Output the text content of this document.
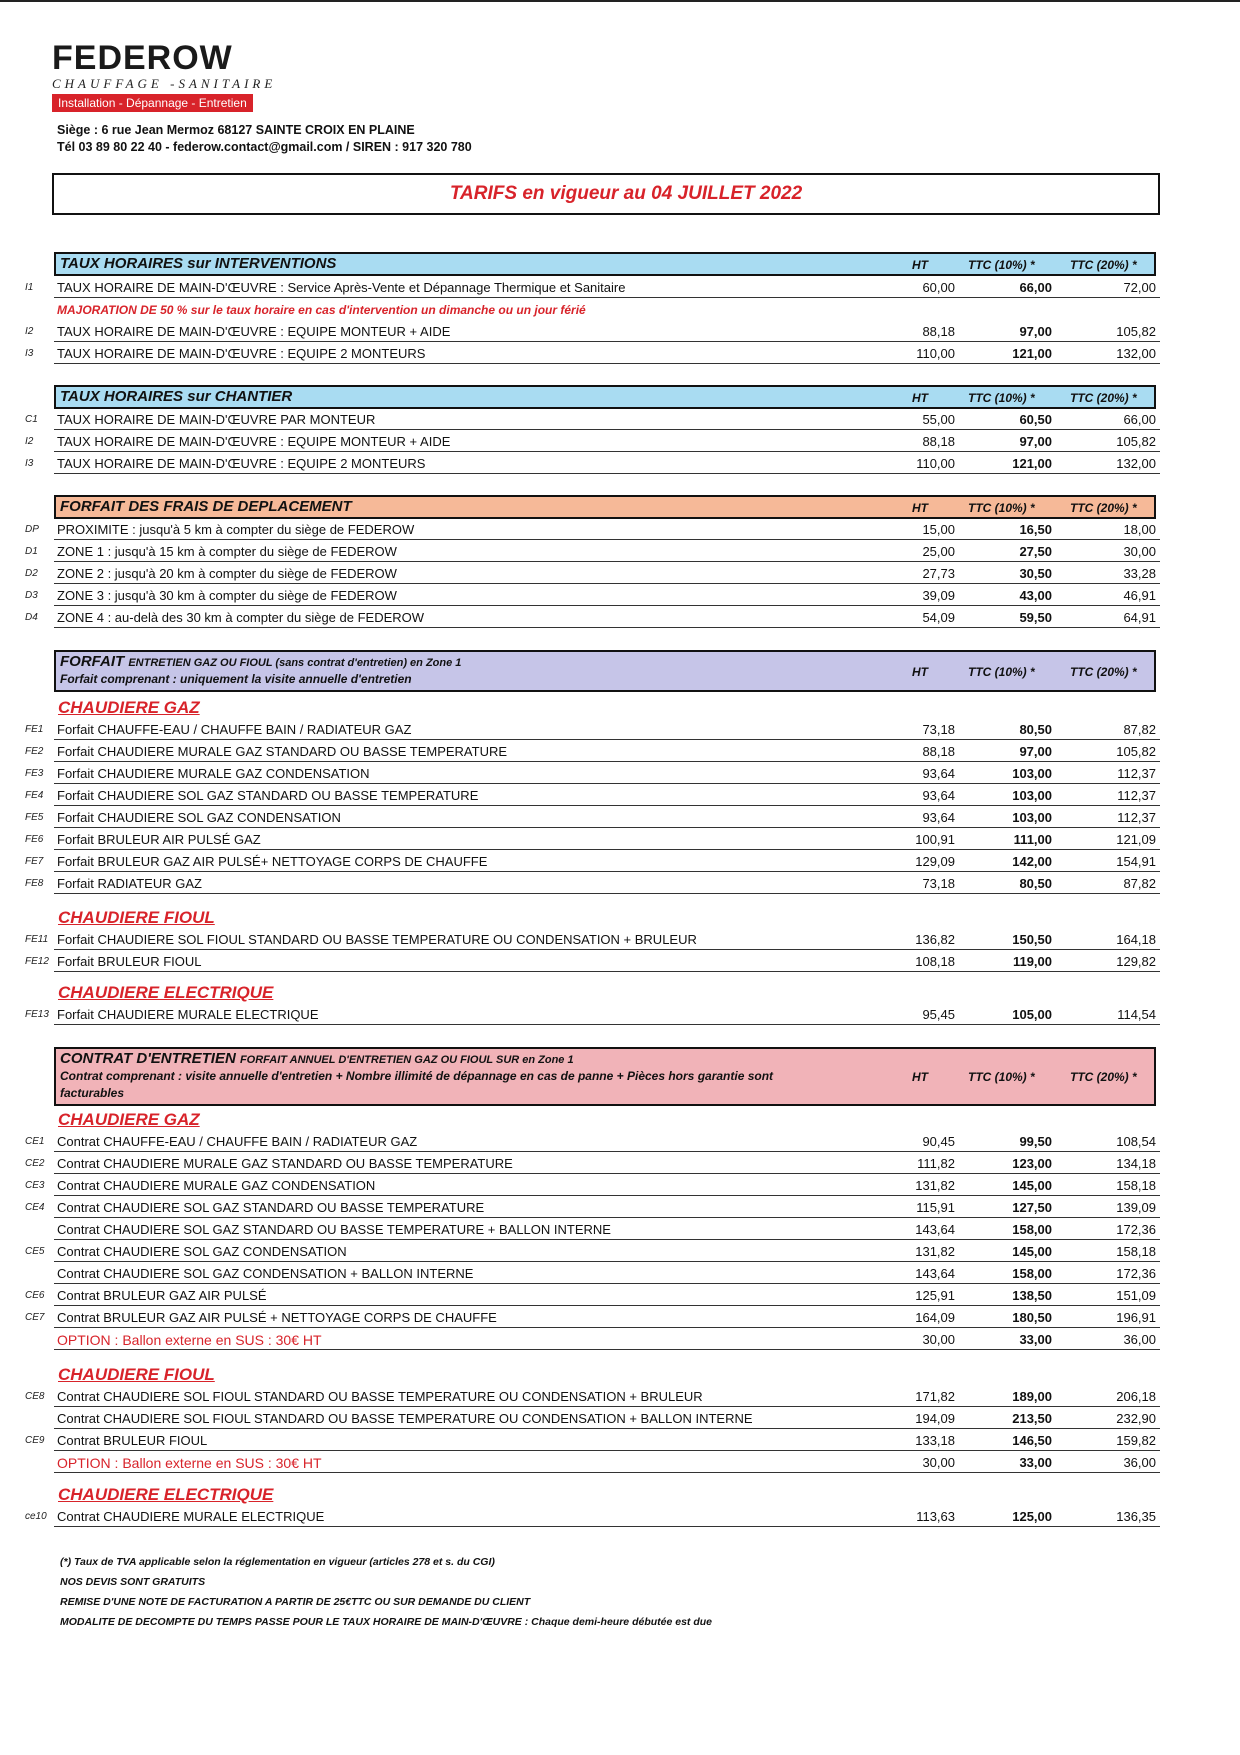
FEDEROW
CHAUFFAGE -SANITAIRE
Installation - Dépannage - Entretien
Siège : 6 rue Jean Mermoz 68127 SAINTE CROIX EN PLAINE
Tél 03 89 80 22 40 - federow.contact@gmail.com / SIREN : 917 320 780
TARIFS en vigueur au 04 JUILLET 2022
TAUX HORAIRES sur INTERVENTIONS	HT	TTC (10%) *	TTC (20%) *
I1 TAUX HORAIRE DE MAIN-D'ŒUVRE : Service Après-Vente et Dépannage Thermique et Sanitaire	60,00	66,00	72,00
I2 TAUX HORAIRE DE MAIN-D'ŒUVRE : EQUIPE MONTEUR + AIDE	88,18	97,00	105,82
I3 TAUX HORAIRE DE MAIN-D'ŒUVRE : EQUIPE 2 MONTEURS	110,00	121,00	132,00
MAJORATION DE 50 % sur le taux horaire en cas d'intervention un dimanche ou un jour férié
TAUX HORAIRES sur CHANTIER	HT	TTC (10%) *	TTC (20%) *
C1 TAUX HORAIRE DE MAIN-D'ŒUVRE PAR MONTEUR	55,00	60,50	66,00
I2 TAUX HORAIRE DE MAIN-D'ŒUVRE : EQUIPE MONTEUR + AIDE	88,18	97,00	105,82
I3 TAUX HORAIRE DE MAIN-D'ŒUVRE : EQUIPE 2 MONTEURS	110,00	121,00	132,00
FORFAIT DES FRAIS DE DEPLACEMENT	HT	TTC (10%) *	TTC (20%) *
DP PROXIMITE : jusqu'à 5 km à compter du siège de FEDEROW	15,00	16,50	18,00
D1 ZONE 1 : jusqu'à 15 km à compter du siège de FEDEROW	25,00	27,50	30,00
D2 ZONE 2 : jusqu'à 20 km à compter du siège de FEDEROW	27,73	30,50	33,28
D3 ZONE 3 : jusqu'à 30 km à compter du siège de FEDEROW	39,09	43,00	46,91
D4 ZONE 4 : au-delà des 30 km à compter du siège de FEDEROW	54,09	59,50	64,91
FORFAIT ENTRETIEN GAZ OU FIOUL (sans contrat d'entretien) en Zone 1
Forfait comprenant : uniquement la visite annuelle d'entretien	HT	TTC (10%) *	TTC (20%) *
CHAUDIERE GAZ
FE1 Forfait CHAUFFE-EAU / CHAUFFE BAIN / RADIATEUR GAZ	73,18	80,50	87,82
FE2 Forfait CHAUDIERE MURALE GAZ STANDARD OU BASSE TEMPERATURE	88,18	97,00	105,82
FE3 Forfait CHAUDIERE MURALE GAZ CONDENSATION	93,64	103,00	112,37
FE4 Forfait CHAUDIERE SOL GAZ STANDARD OU BASSE TEMPERATURE	93,64	103,00	112,37
FE5 Forfait CHAUDIERE SOL GAZ CONDENSATION	93,64	103,00	112,37
FE6 Forfait BRULEUR AIR PULSÉ GAZ	100,91	111,00	121,09
FE7 Forfait BRULEUR GAZ AIR PULSÉ+ NETTOYAGE CORPS DE CHAUFFE	129,09	142,00	154,91
FE8 Forfait RADIATEUR GAZ	73,18	80,50	87,82
CHAUDIERE FIOUL
FE11 Forfait CHAUDIERE SOL FIOUL STANDARD OU BASSE TEMPERATURE OU CONDENSATION + BRULEUR	136,82	150,50	164,18
FE12 Forfait BRULEUR FIOUL	108,18	119,00	129,82
CHAUDIERE ELECTRIQUE
FE13 Forfait CHAUDIERE MURALE ELECTRIQUE	95,45	105,00	114,54
CONTRAT D'ENTRETIEN FORFAIT ANNUEL D'ENTRETIEN GAZ OU FIOUL SUR en Zone 1
Contrat comprenant : visite annuelle d'entretien + Nombre illimité de dépannage en cas de panne + Pièces hors garantie sont
facturables
HT	TTC (10%) *	TTC (20%) *
CHAUDIERE GAZ
CE1 Contrat CHAUFFE-EAU / CHAUFFE BAIN / RADIATEUR GAZ	90,45	99,50	108,54
CE2 Contrat CHAUDIERE MURALE GAZ STANDARD OU BASSE TEMPERATURE	111,82	123,00	134,18
CE3 Contrat CHAUDIERE MURALE GAZ CONDENSATION	131,82	145,00	158,18
CE4 Contrat CHAUDIERE SOL GAZ STANDARD OU BASSE TEMPERATURE	115,91	127,50	139,09
Contrat CHAUDIERE SOL GAZ STANDARD OU BASSE TEMPERATURE + BALLON INTERNE	143,64	158,00	172,36
CE5 Contrat CHAUDIERE SOL GAZ CONDENSATION	131,82	145,00	158,18
Contrat CHAUDIERE SOL GAZ CONDENSATION + BALLON INTERNE	143,64	158,00	172,36
CE6 Contrat BRULEUR GAZ AIR PULSÉ	125,91	138,50	151,09
CE7 Contrat BRULEUR GAZ AIR PULSÉ + NETTOYAGE CORPS DE CHAUFFE	164,09	180,50	196,91
OPTION : Ballon externe en SUS : 30€ HT	30,00	33,00	36,00
CHAUDIERE FIOUL
CE8 Contrat CHAUDIERE SOL FIOUL STANDARD OU BASSE TEMPERATURE OU CONDENSATION + BRULEUR	171,82	189,00	206,18
Contrat CHAUDIERE SOL FIOUL STANDARD OU BASSE TEMPERATURE OU CONDENSATION + BALLON INTERNE	194,09	213,50	232,90
CE9 Contrat BRULEUR FIOUL	133,18	146,50	159,82
OPTION : Ballon externe en SUS : 30€ HT	30,00	33,00	36,00
CHAUDIERE ELECTRIQUE
ce10 Contrat CHAUDIERE MURALE ELECTRIQUE	113,63	125,00	136,35
(*) Taux de TVA applicable selon la réglementation en vigueur (articles 278 et s. du CGI)
NOS DEVIS SONT GRATUITS
REMISE D'UNE NOTE DE FACTURATION A PARTIR DE 25€TTC OU SUR DEMANDE DU CLIENT
MODALITE DE DECOMPTE DU TEMPS PASSE POUR LE TAUX HORAIRE DE MAIN-D'ŒUVRE : Chaque demi-heure débutée est due
